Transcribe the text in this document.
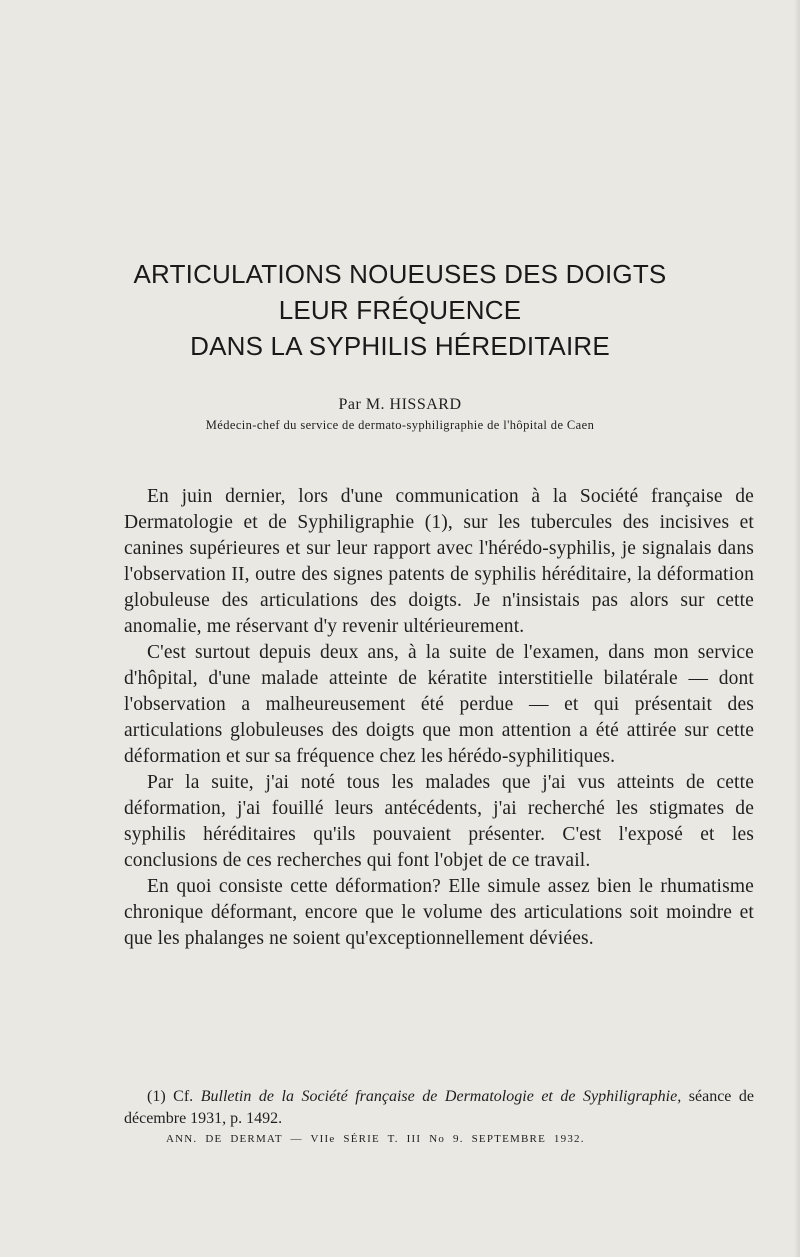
ARTICULATIONS NOUEUSES DES DOIGTS
LEUR FRÉQUENCE
DANS LA SYPHILIS HÉREDITAIRE

Par M. HISSARD

Médecin-chef du service de dermato-syphiligraphie de l'hôpital de Caen

En juin dernier, lors d'une communication à la Société française de Dermatologie et de Syphiligraphie (1), sur les tubercules des incisives et canines supérieures et sur leur rapport avec l'hérédo-syphilis, je signalais dans l'observation II, outre des signes patents de syphilis héréditaire, la déformation globuleuse des articulations des doigts. Je n'insistais pas alors sur cette anomalie, me réservant d'y revenir ultérieurement.

C'est surtout depuis deux ans, à la suite de l'examen, dans mon service d'hôpital, d'une malade atteinte de kératite interstitielle bilatérale — dont l'observation a malheureusement été perdue — et qui présentait des articulations globuleuses des doigts que mon attention a été attirée sur cette déformation et sur sa fréquence chez les hérédo-syphilitiques.

Par la suite, j'ai noté tous les malades que j'ai vus atteints de cette déformation, j'ai fouillé leurs antécédents, j'ai recherché les stigmates de syphilis héréditaires qu'ils pouvaient présenter. C'est l'exposé et les conclusions de ces recherches qui font l'objet de ce travail.

En quoi consiste cette déformation? Elle simule assez bien le rhumatisme chronique déformant, encore que le volume des articulations soit moindre et que les phalanges ne soient qu'exceptionnellement déviées.

(1) Cf. Bulletin de la Société française de Dermatologie et de Syphiligraphie, séance de décembre 1931, p. 1492.

ANN. DE DERMAT — VIIe SÉRIE T. III No 9. SEPTEMBRE 1932.
